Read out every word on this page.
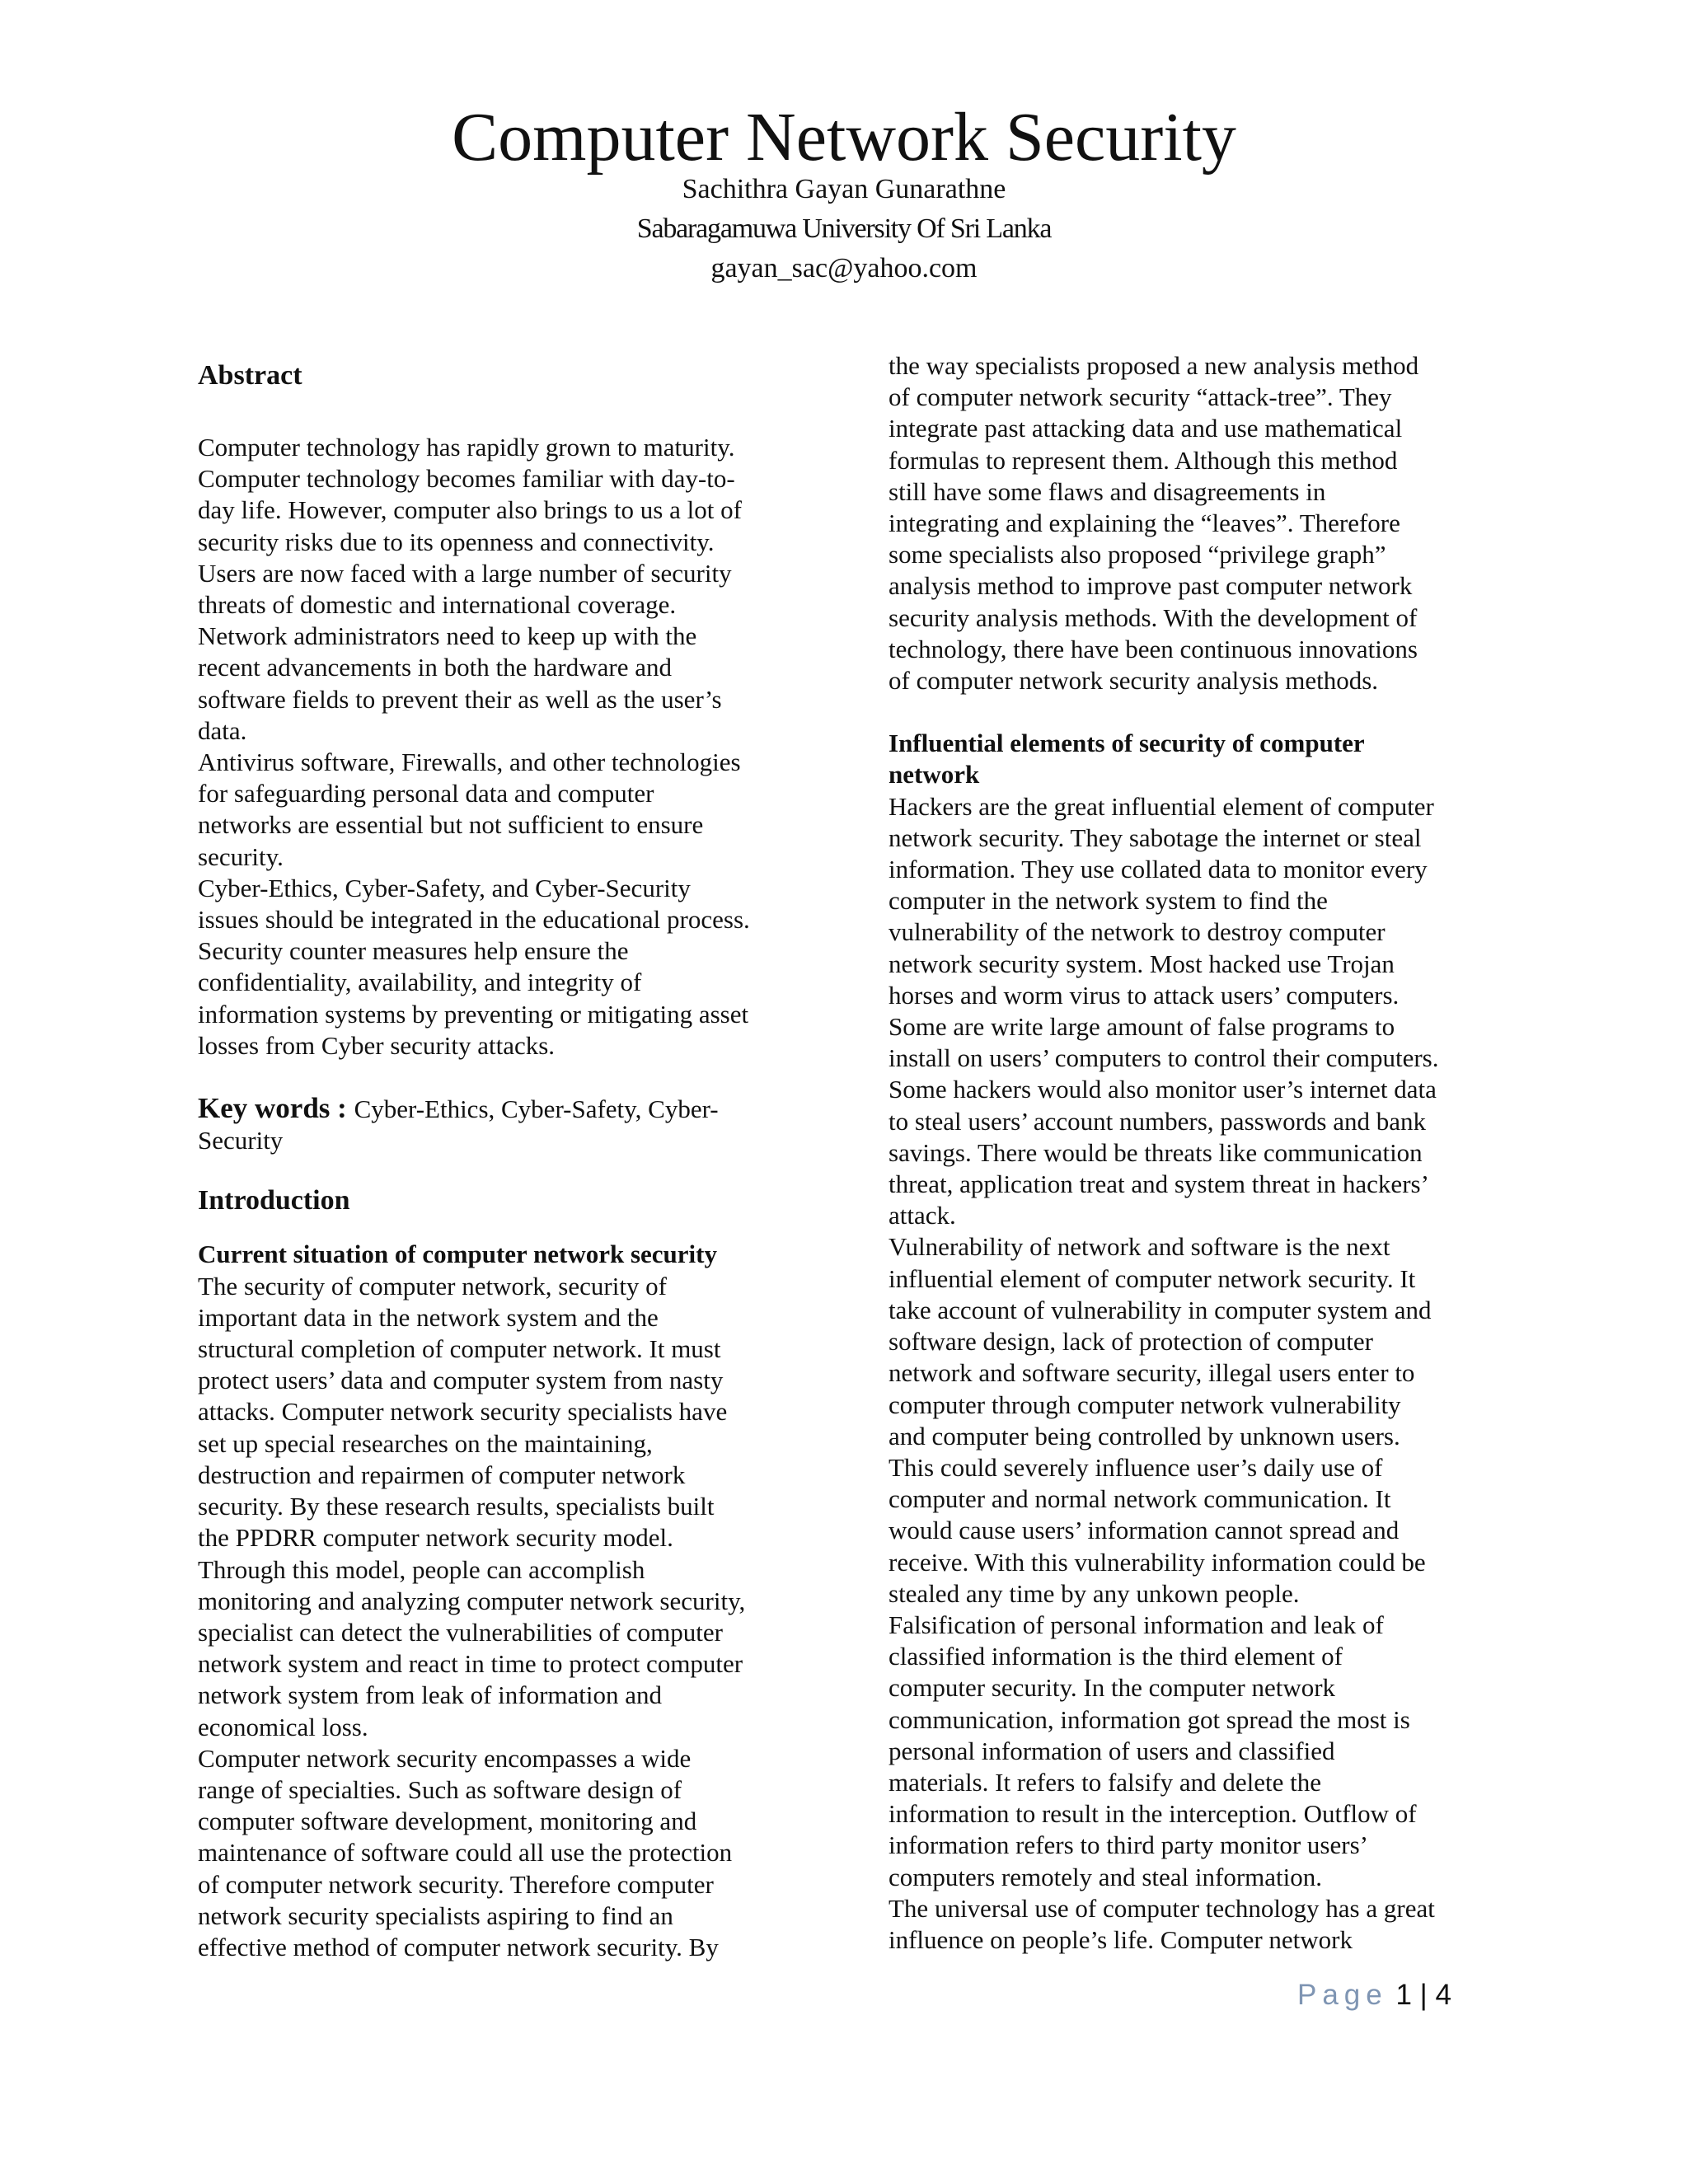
Computer Network Security
Sachithra Gayan Gunarathne
Sabaragamuwa University Of Sri Lanka
gayan_sac@yahoo.com
Abstract

Computer technology has rapidly grown to maturity.
Computer technology becomes familiar with day-to-
day life. However, computer also brings to us a lot of
security risks due to its openness and connectivity.
Users are now faced with a large number of security
threats of domestic and international coverage.
Network administrators need to keep up with the
recent advancements in both the hardware and
software fields to prevent their as well as the user’s
data.
Antivirus software, Firewalls, and other technologies
for safeguarding personal data and computer
networks are essential but not sufficient to ensure
security.
Cyber-Ethics, Cyber-Safety, and Cyber-Security
issues should be integrated in the educational process.
Security counter measures help ensure the
confidentiality, availability, and integrity of
information systems by preventing or mitigating asset
losses from Cyber security attacks.

Key words : Cyber-Ethics, Cyber-Safety, Cyber-
Security

Introduction
Current situation of computer network security

The security of computer network, security of
important data in the network system and the
structural completion of computer network. It must
protect users’ data and computer system from nasty
attacks. Computer network security specialists have
set up special researches on the maintaining,
destruction and repairmen of computer network
security. By these research results, specialists built
the PPDRR computer network security model.
Through this model, people can accomplish
monitoring and analyzing computer network security,
specialist can detect the vulnerabilities of computer
network system and react in time to protect computer
network system from leak of information and
economical loss.
Computer network security encompasses a wide
range of specialties. Such as software design of
computer software development, monitoring and
maintenance of software could all use the protection
of computer network security. Therefore computer
network security specialists aspiring to find an
effective method of computer network security. By

the way specialists proposed a new analysis method
of computer network security “attack-tree”. They
integrate past attacking data and use mathematical
formulas to represent them. Although this method
still have some flaws and disagreements in
integrating and explaining the “leaves”. Therefore
some specialists also proposed “privilege graph”
analysis method to improve past computer network
security analysis methods. With the development of
technology, there have been continuous innovations
of computer network security analysis methods.

Influential elements of security of computer
network

Hackers are the great influential element of computer
network security. They sabotage the internet or steal
information. They use collated data to monitor every
computer in the network system to find the
vulnerability of the network to destroy computer
network security system. Most hacked use Trojan
horses and worm virus to attack users’ computers.
Some are write large amount of false programs to
install on users’ computers to control their computers.
Some hackers would also monitor user’s internet data
to steal users’ account numbers, passwords and bank
savings. There would be threats like communication
threat, application treat and system threat in hackers’
attack.
Vulnerability of network and software is the next
influential element of computer network security. It
take account of vulnerability in computer system and
software design, lack of protection of computer
network and software security, illegal users enter to
computer through computer network vulnerability
and computer being controlled by unknown users.
This could severely influence user’s daily use of
computer and normal network communication. It
would cause users’ information cannot spread and
receive. With this vulnerability information could be
stealed any time by any unkown people.
Falsification of personal information and leak of
classified information is the third element of
computer security. In the computer network
communication, information got spread the most is
personal information of users and classified
materials. It refers to falsify and delete the
information to result in the interception. Outflow of
information refers to third party monitor users’
computers remotely and steal information.
The universal use of computer technology has a great
influence on people’s life. Computer network

Page 1 | 4
